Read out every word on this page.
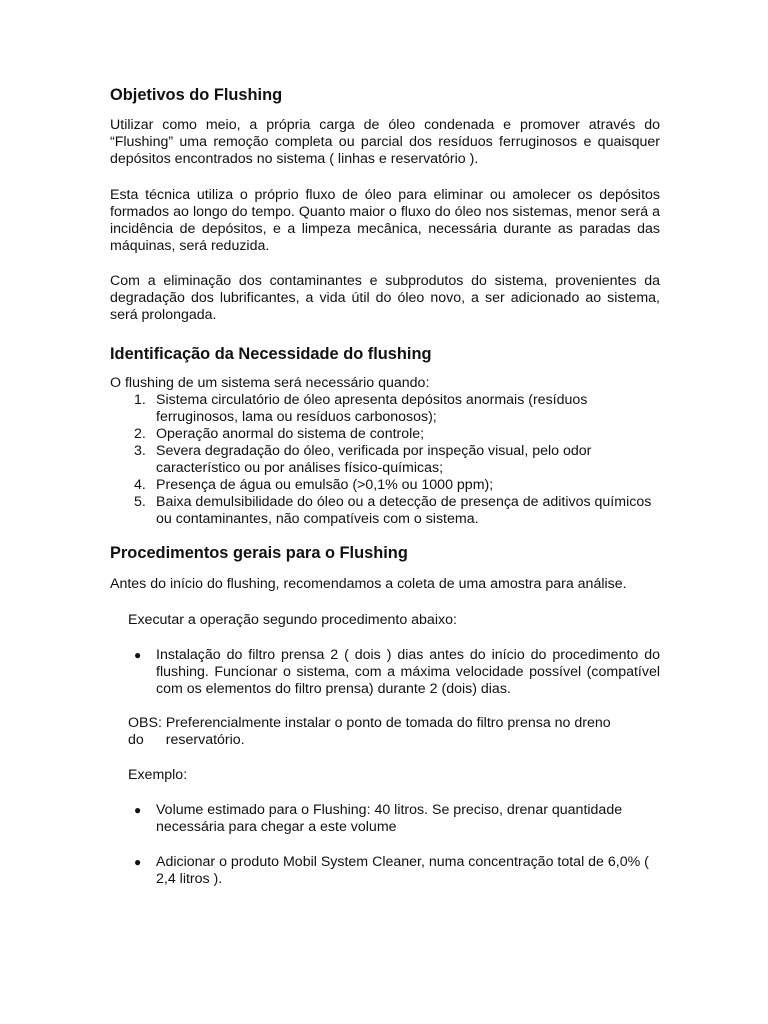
Objetivos do Flushing

Utilizar como meio, a própria carga de óleo condenada e promover através do “Flushing” uma remoção completa ou parcial dos resíduos ferruginosos e quaisquer depósitos encontrados no sistema ( linhas e reservatório ).

Esta técnica utiliza o próprio fluxo de óleo para eliminar ou amolecer os depósitos formados ao longo do tempo. Quanto maior o fluxo do óleo nos sistemas, menor será a incidência de depósitos, e a limpeza mecânica, necessária durante as paradas das máquinas, será reduzida.

Com a eliminação dos contaminantes e subprodutos do sistema, provenientes da degradação dos lubrificantes, a vida útil do óleo novo, a ser adicionado ao sistema, será prolongada.

Identificação da Necessidade do flushing

O flushing de um sistema será necessário quando:

1. Sistema circulatório de óleo apresenta depósitos anormais (resíduos ferruginosos, lama ou resíduos carbonosos);
2. Operação anormal do sistema de controle;
3. Severa degradação do óleo, verificada por inspeção visual, pelo odor característico ou por análises físico-químicas;
4. Presença de água ou emulsão (>0,1% ou 1000 ppm);
5. Baixa demulsibilidade do óleo ou a detecção de presença de aditivos químicos ou contaminantes, não compatíveis com o sistema.
Procedimentos gerais para o Flushing

Antes do início do flushing, recomendamos a coleta de uma amostra para análise.

Executar a operação segundo procedimento abaixo:

● Instalação do filtro prensa 2 ( dois ) dias antes do início do procedimento do flushing. Funcionar o sistema, com a máxima velocidade possível (compatível com os elementos do filtro prensa) durante 2 (dois) dias.

OBS: Preferencialmente instalar o ponto de tomada do filtro prensa no dreno
do reservatório.

Exemplo:

● Volume estimado para o Flushing: 40 litros. Se preciso, drenar quantidade necessária para chegar a este volume
● Adicionar o produto Mobil System Cleaner, numa concentração total de 6,0% ( 2,4 litros ).
